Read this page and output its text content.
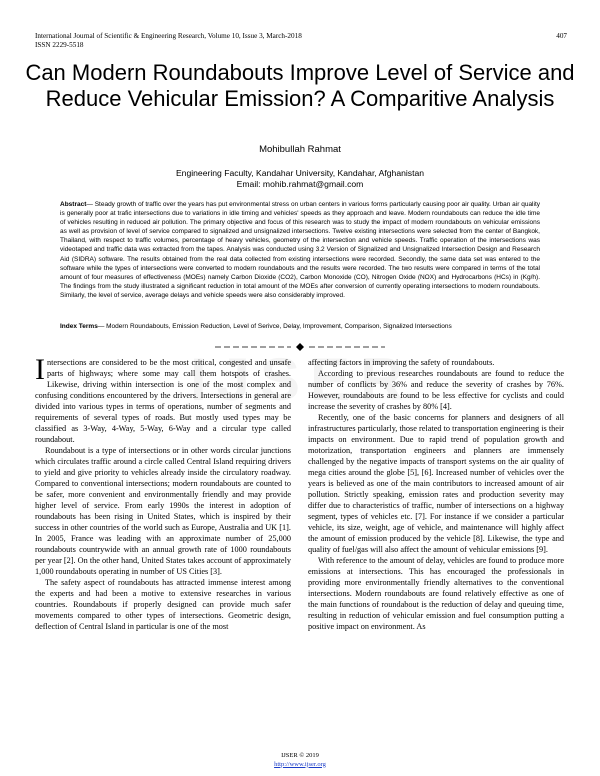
International Journal of Scientific & Engineering Research, Volume 10, Issue 3, March-2018
ISSN 2229-5518
407
Can Modern Roundabouts Improve Level of Service and Reduce Vehicular Emission? A Comparitive Analysis
Mohibullah Rahmat
Engineering Faculty, Kandahar University, Kandahar, Afghanistan
Email: mohib.rahmat@gmail.com

Abstract— Steady growth of traffic over the years has put environmental stress on urban centers in various forms particularly causing poor air quality. Urban air quality is generally poor at trafic intersections due to variations in idle timing and vehicles' speeds as they approach and leave. Modern roundabouts can reduce the idle time of vehicles resulting in reduced air pollution. The primary objective and focus of this research was to study the impact of modern roundabouts on vehicular emissions as well as provision of level of service compared to signalized and unsignalized intersections. Twelve existing intersections were selected from the center of Bangkok, Thailand, with respect to traffic volumes, percentage of heavy vehicles, geometry of the intersection and vehicle speeds. Traffic operation of the intersections was videotaped and traffic data was extracted from the tapes. Analysis was conducted using 3.2 Version of Signalized and Unsignalized Intersection Design and Research Aid (SIDRA) software. The results obtained from the real data collected from existing intersections were recorded. Secondly, the same data set was entered to the software while the types of intersections were converted to modern roundabouts and the results were recorded. The two results were compared in terms of the total amount of four measures of effectiveness (MOEs) namely Carbon Dioxide (CO2), Carbon Monoxide (CO), Nitrogen Oxide (NOX) and Hydrocarbons (HCs) in (Kg/h). The findings from the study illustrated a significant reduction in total amount of the MOEs after conversion of currently operating intersections to modern roundabouts. Similarly, the level of service, average delays and vehicle speeds were also considerably improved.

Index Terms— Modern Roundabouts, Emission Reduction, Level of Serivce, Delay, Improvement, Comparison, Signalized Intersections

Intersections are considered to be the most critical, congested and unsafe parts of highways; where some may call them hotspots of crashes. Likewise, driving within intersection is one of the most complex and confusing conditions encountered by the drivers. Intersections in general are divided into various types in terms of operations, number of segments and requirements of several types of roads. But mostly used types may be classified as 3-Way, 4-Way, 5-Way, 6-Way and a circular type called roundabout.

Roundabout is a type of intersections or in other words circular junctions which circulates traffic around a circle called Central Island requiring drivers to yield and give priority to vehicles already inside the circulatory roadway. Compared to conventional intersections; modern roundabouts are counted to be safer, more convenient and environmentally friendly and may provide higher level of service. From early 1990s the interest in adoption of roundabouts has been rising in United States, which is inspired by their success in other countries of the world such as Europe, Australia and UK [1]. In 2005, France was leading with an approximate number of 25,000 roundabouts countrywide with an annual growth rate of 1000 roundabouts per year [2]. On the other hand, United States takes account of approximately 1,000 roundabouts operating in number of US Cities [3].

The safety aspect of roundabouts has attracted immense interest among the experts and had been a motive to extensive researches in various countries. Roundabouts if properly designed can provide much safer movements compared to other types of intersections. Geometric design, deflection of Central Island in particular is one of the most

affecting factors in improving the safety of roundabouts.

According to previous researches roundabouts are found to reduce the number of conflicts by 36% and reduce the severity of crashes by 76%. However, roundabouts are found to be less effective for cyclists and could increase the severity of crashes by 80% [4].

Recently, one of the basic concerns for planners and designers of all infrastructures particularly, those related to transportation engineering is their impacts on environment. Due to rapid trend of population growth and motorization, transportation engineers and planners are immensely challenged by the negative impacts of transport systems on the air quality of mega cities around the globe [5], [6]. Increased number of vehicles over the years is believed as one of the main contributors to increased amount of air pollution. Strictly speaking, emission rates and production severity may differ due to characteristics of traffic, number of intersections on a highway segment, types of vehicles etc. [7]. For instance if we consider a particular vehicle, its size, weight, age of vehicle, and maintenance will highly affect the amount of emission produced by the vehicle [8]. Likewise, the type and quality of fuel/gas will also affect the amount of vehicular emissions [9].

With reference to the amount of delay, vehicles are found to produce more emissions at intersections. This has encouraged the professionals in providing more environmentally friendly alternatives to the conventional intersections. Modern roundabouts are found relatively effective as one of the main functions of roundabout is the reduction of delay and queuing time, resulting in reduction of vehicular emission and fuel consumption putting a positive impact on environment. As

IJSER © 2019
http://www.ijser.org
